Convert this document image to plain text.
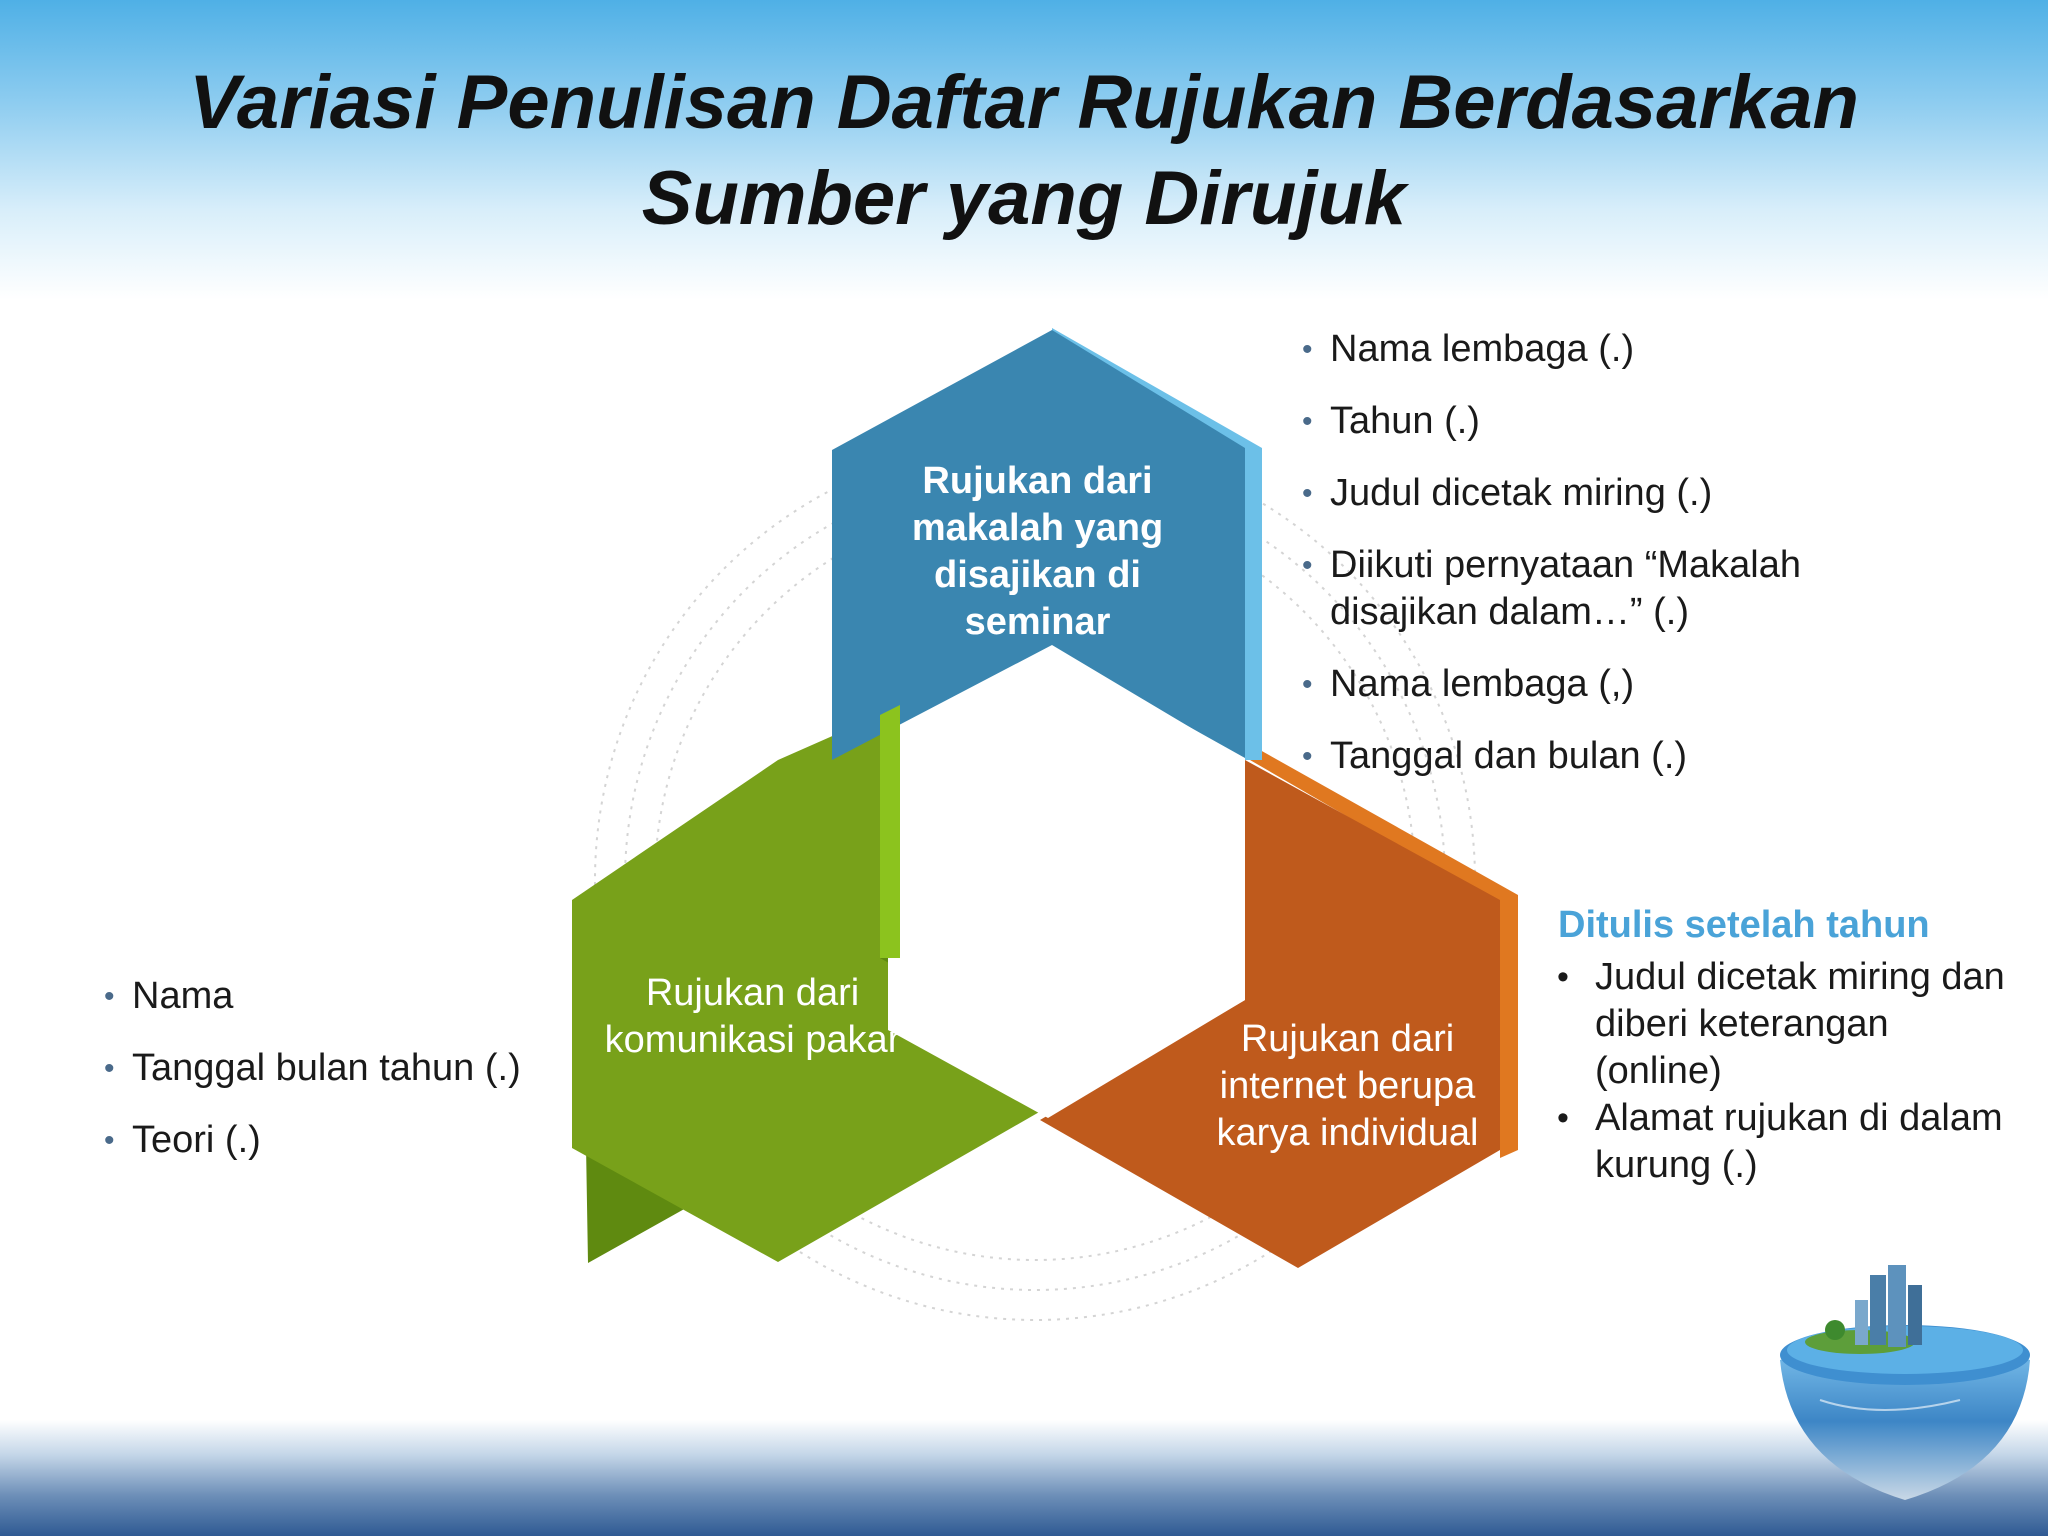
Variasi Penulisan Daftar Rujukan Berdasarkan
Sumber yang Dirujuk
Rujukan dari
makalah yang
disajikan di
seminar
Rujukan dari
komunikasi pakar	Rujukan dari
internet berupa
karya individual
• Nama lembaga (.)
• Tahun (.)
• Judul dicetak miring (.)
• Diikuti pernyataan “Makalah disajikan dalam…” (.)
• Nama lembaga (,)
• Tanggal dan bulan (.)
• Nama
• Tanggal bulan tahun (.)
• Teori (.)
Ditulis setelah tahun
• Judul dicetak miring dan diberi keterangan (online)
• Alamat rujukan di dalam kurung (.)
